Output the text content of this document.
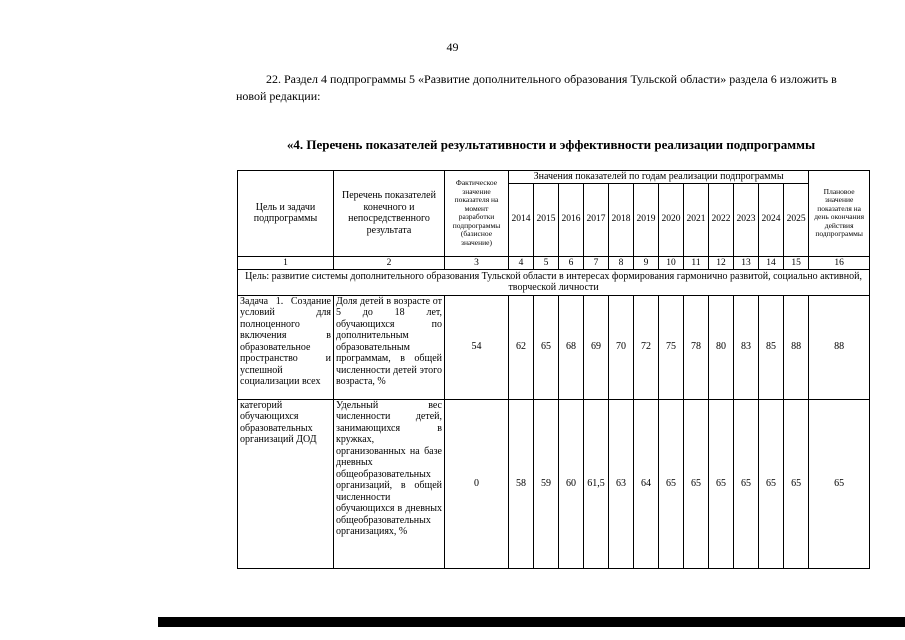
49
22. Раздел 4 подпрограммы 5 «Развитие дополнительного образования Тульской области» раздела 6 изложить в новой редакции:
«4. Перечень показателей результативности и эффективности реализации подпрограммы
Цель и задачи подпрограммы	Перечень показателей конечного и непосредственного результата	Фактическое значение показателя на момент разработки подпрограммы (базисное значение)	Значения показателей по годам реализации подпрограммы												Плановое значение показателя на день окончания действия подпрограммы
			2014	2015	2016	2017	2018	2019	2020	2021	2022	2023	2024	2025	
1	2	3	4	5	6	7	8	9	10	11	12	13	14	15	16
Цель: развитие системы дополнительного образования Тульской области в интересах формирования гармонично развитой, социально активной, творческой личности															
Задача 1. Создание условий для полноценного включения в образовательное пространство и успешной социализации всех	Доля детей в возрасте от 5 до 18 лет, обучающихся по дополнительным образовательным программам, в общей численности детей этого возраста, %	54	62	65	68	69	70	72	75	78	80	83	85	88	88
категорий обучающихся образовательных организаций ДОД	Удельный вес численности детей, занимающихся в кружках, организованных на базе дневных общеобразовательных организаций, в общей численности обучающихся в дневных общеобразовательных организациях, %	0	58	59	60	61,5	63	64	65	65	65	65	65	65	65
